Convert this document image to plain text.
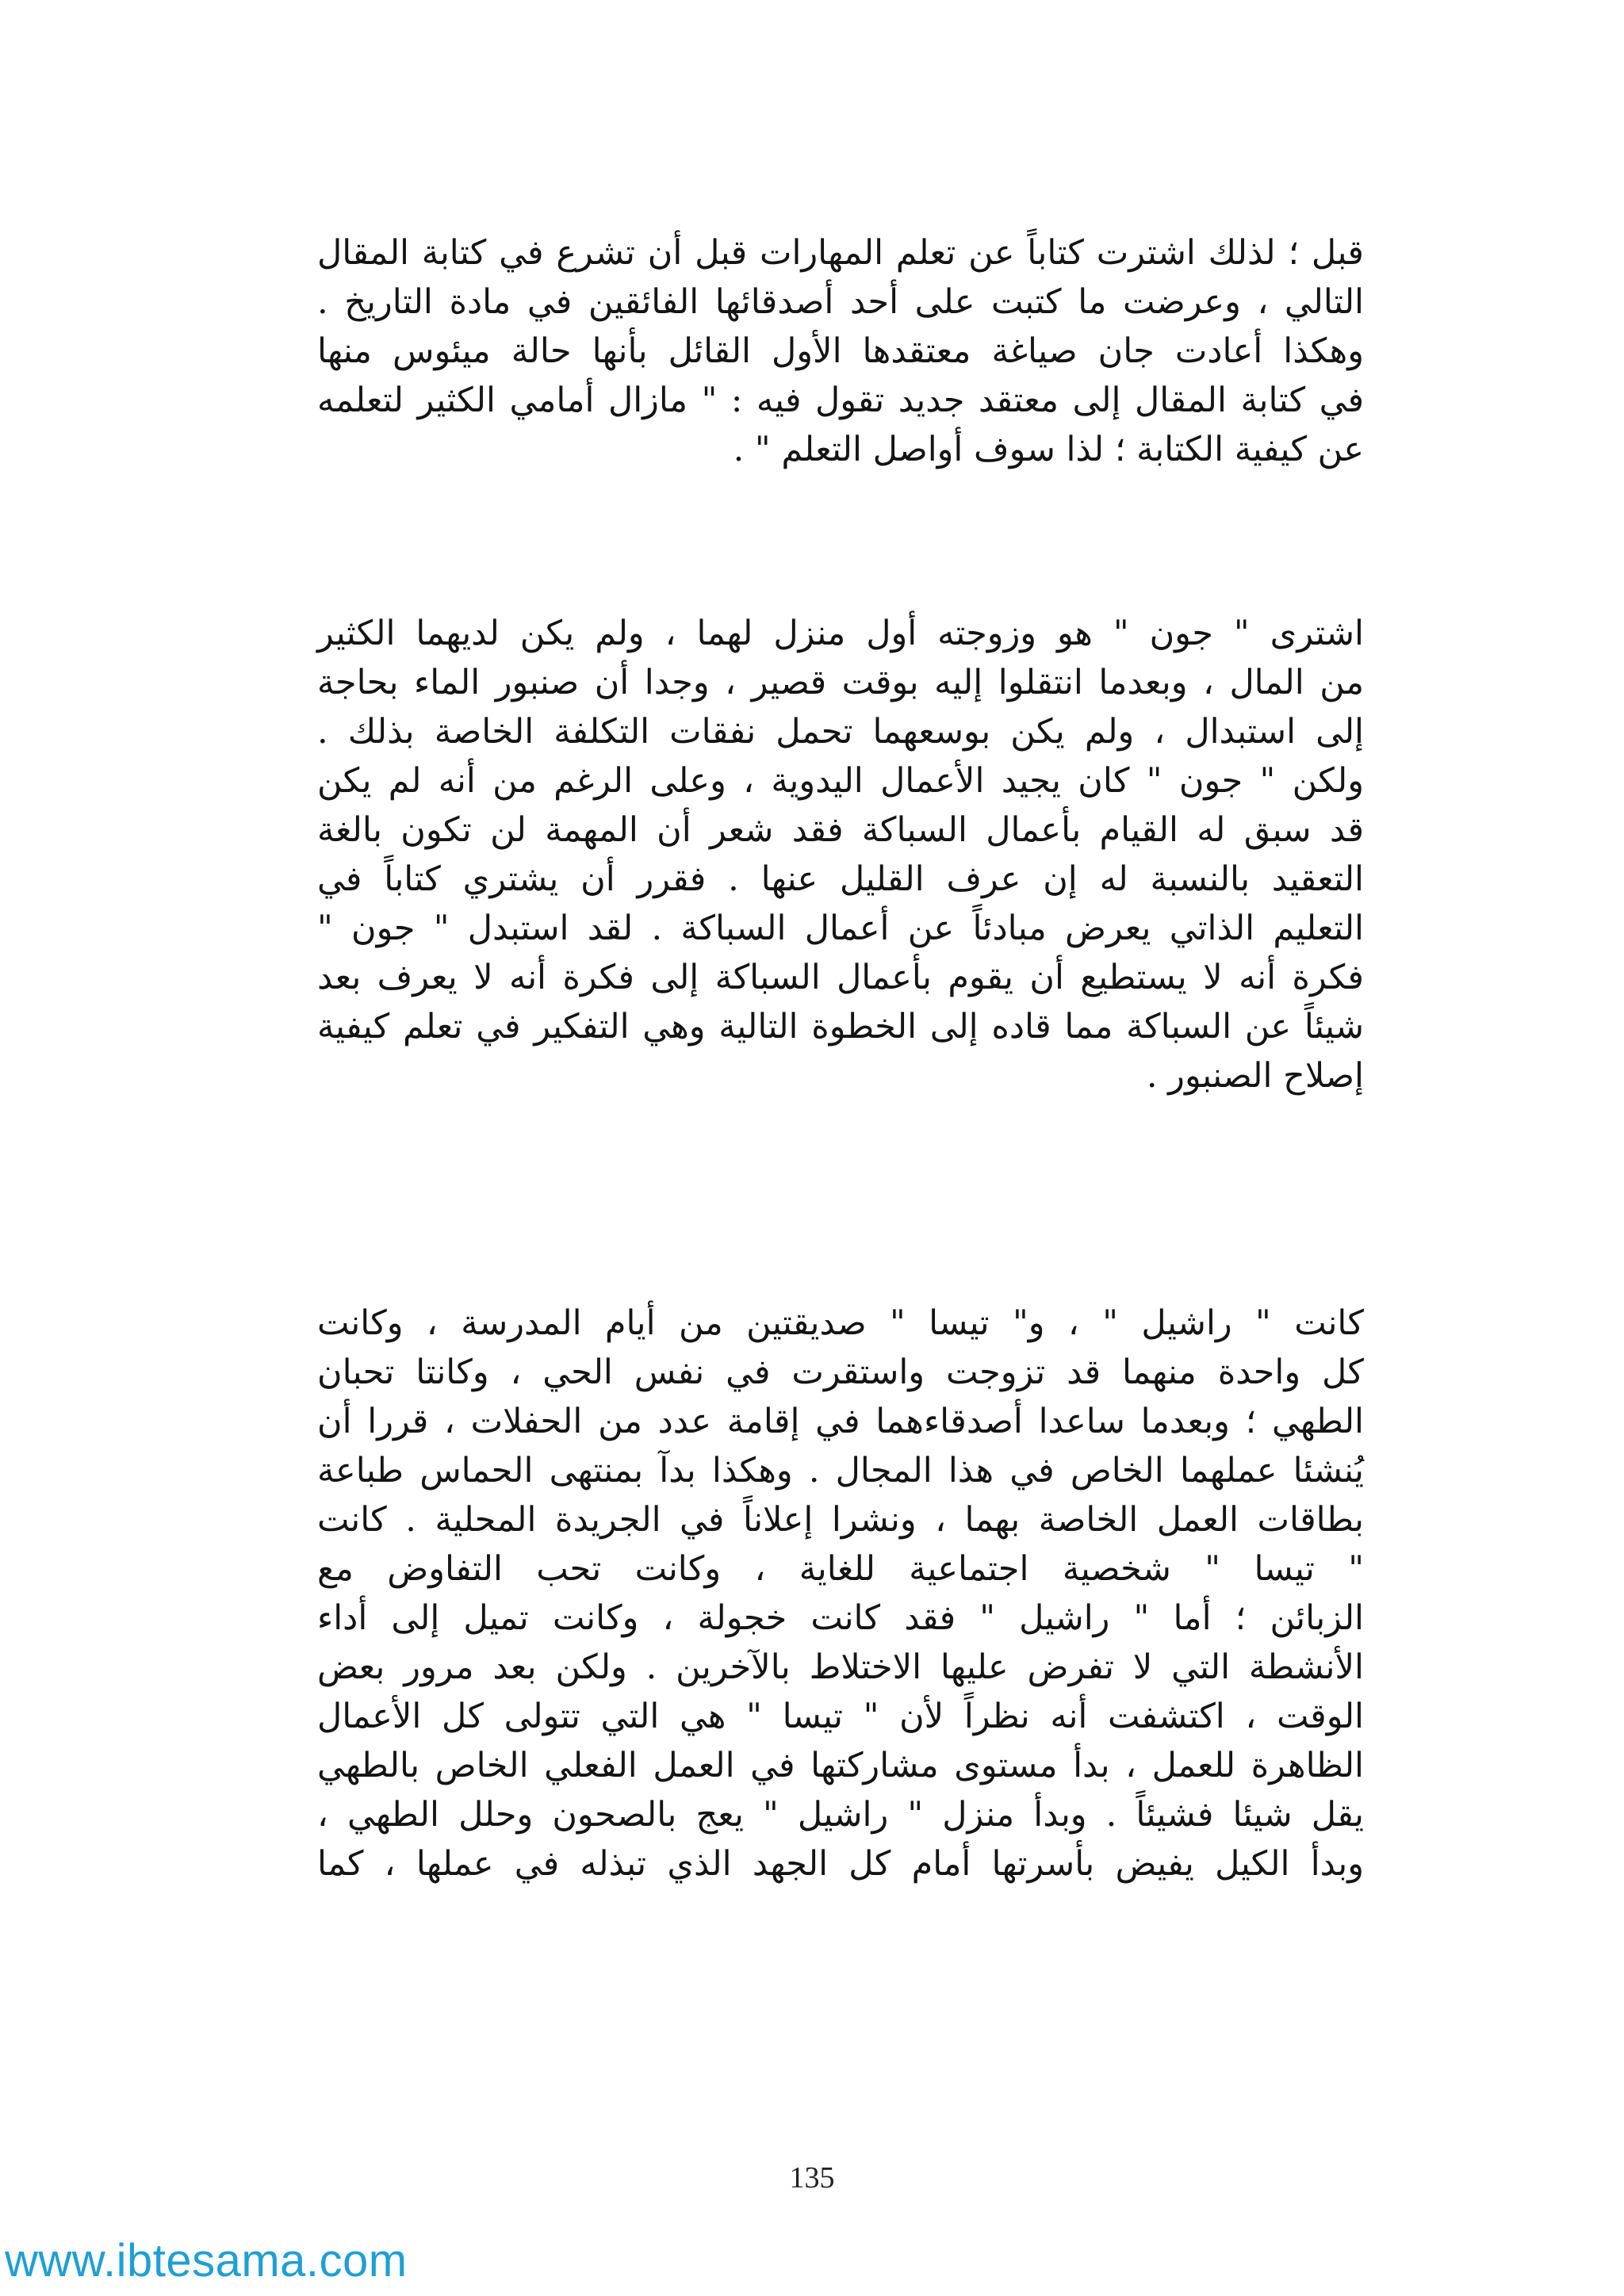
قبل ؛ لذلك اشترت كتاباً عن تعلم المهارات قبل أن تشرع في كتابة المقال
التالي ، وعرضت ما كتبت على أحد أصدقائها الفائقين في مادة التاريخ .
وهكذا أعادت جان صياغة معتقدها الأول القائل بأنها حالة ميئوس منها
في كتابة المقال إلى معتقد جديد تقول فيه : " مازال أمامي الكثير لتعلمه
عن كيفية الكتابة ؛ لذا سوف أواصل التعلم " .
اشترى " جون " هو وزوجته أول منزل لهما ، ولم يكن لديهما الكثير
من المال ، وبعدما انتقلوا إليه بوقت قصير ، وجدا أن صنبور الماء بحاجة
إلى استبدال ، ولم يكن بوسعهما تحمل نفقات التكلفة الخاصة بذلك .
ولكن " جون " كان يجيد الأعمال اليدوية ، وعلى الرغم من أنه لم يكن
قد سبق له القيام بأعمال السباكة فقد شعر أن المهمة لن تكون بالغة
التعقيد بالنسبة له إن عرف القليل عنها . فقرر أن يشتري كتاباً في
التعليم الذاتي يعرض مبادئاً عن أعمال السباكة . لقد استبدل " جون "
فكرة أنه لا يستطيع أن يقوم بأعمال السباكة إلى فكرة أنه لا يعرف بعد
شيئاً عن السباكة مما قاده إلى الخطوة التالية وهي التفكير في تعلم كيفية
إصلاح الصنبور .
كانت " راشيل " ، و" تيسا " صديقتين من أيام المدرسة ، وكانت
كل واحدة منهما قد تزوجت واستقرت في نفس الحي ، وكانتا تحبان
الطهي ؛ وبعدما ساعدا أصدقاءهما في إقامة عدد من الحفلات ، قررا أن
يُنشئا عملهما الخاص في هذا المجال . وهكذا بدآ بمنتهى الحماس طباعة
بطاقات العمل الخاصة بهما ، ونشرا إعلاناً في الجريدة المحلية . كانت
" تيسا " شخصية اجتماعية للغاية ، وكانت تحب التفاوض مع
الزبائن ؛ أما " راشيل " فقد كانت خجولة ، وكانت تميل إلى أداء
الأنشطة التي لا تفرض عليها الاختلاط بالآخرين . ولكن بعد مرور بعض
الوقت ، اكتشفت أنه نظراً لأن " تيسا " هي التي تتولى كل الأعمال
الظاهرة للعمل ، بدأ مستوى مشاركتها في العمل الفعلي الخاص بالطهي
يقل شيئا فشيئاً . وبدأ منزل " راشيل " يعج بالصحون وحلل الطهي ،
وبدأ الكيل يفيض بأسرتها أمام كل الجهد الذي تبذله في عملها ، كما
135
www.ibtesama.com
